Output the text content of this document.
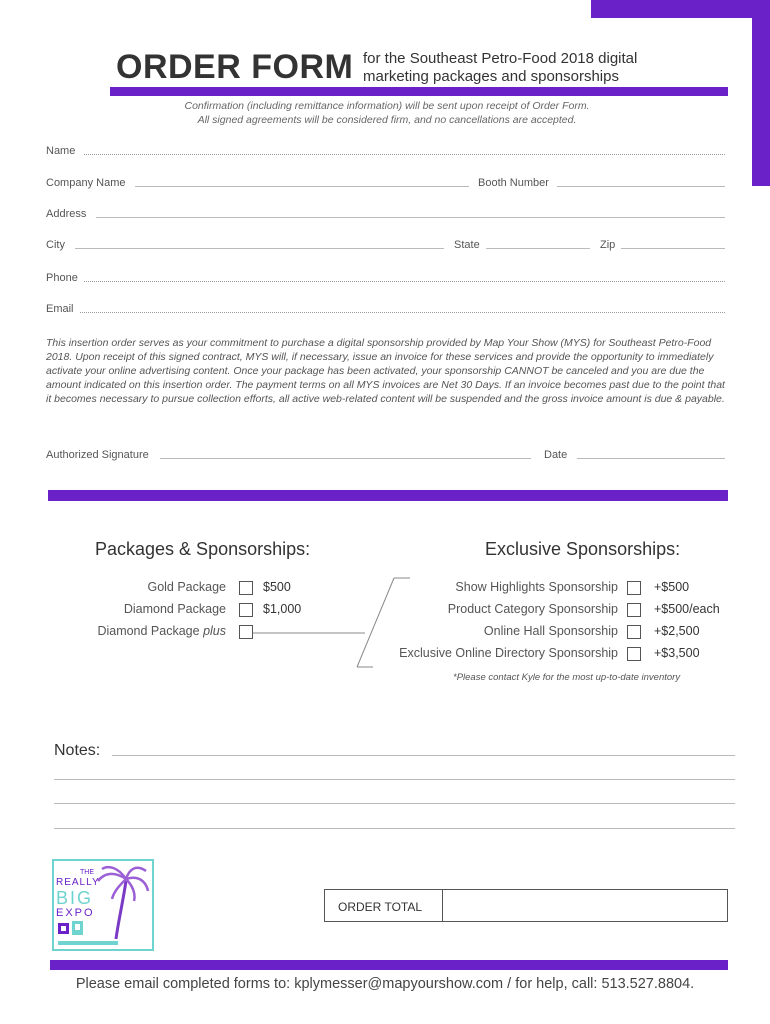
ORDER FORM for the Southeast Petro-Food 2018 digital
marketing packages and sponsorships
Confirmation (including remittance information) will be sent upon receipt of Order Form.
All signed agreements will be considered firm, and no cancellations are accepted.
Name
Company Name	Booth Number
Address
City	State	Zip
Phone
Email
This insertion order serves as your commitment to purchase a digital sponsorship provided by Map Your Show (MYS) for Southeast Petro-Food 2018. Upon receipt of this signed contract, MYS will, if necessary, issue an invoice for these services and provide the opportunity to immediately activate your online advertising content. Once your package has been activated, your sponsorship CANNOT be canceled and you are due the amount indicated on this insertion order. The payment terms on all MYS invoices are Net 30 Days. If an invoice becomes past due to the point that it becomes necessary to pursue collection efforts, all active web-related content will be suspended and the gross invoice amount is due & payable.
Authorized Signature	Date
Packages & Sponsorships:	Exclusive Sponsorships:
Gold Package	$500
Diamond Package	$1,000
Diamond Package plus
Show Highlights Sponsorship	+$500
Product Category Sponsorship	+$500/each
Online Hall Sponsorship	+$2,500
Exclusive Online Directory Sponsorship	+$3,500
*Please contact Kyle for the most up-to-date inventory
Notes:
THE
REALLY
BIG
EXPO	ORDER TOTAL
Please email completed forms to: kplymesser@mapyourshow.com / for help, call: 513.527.8804.
